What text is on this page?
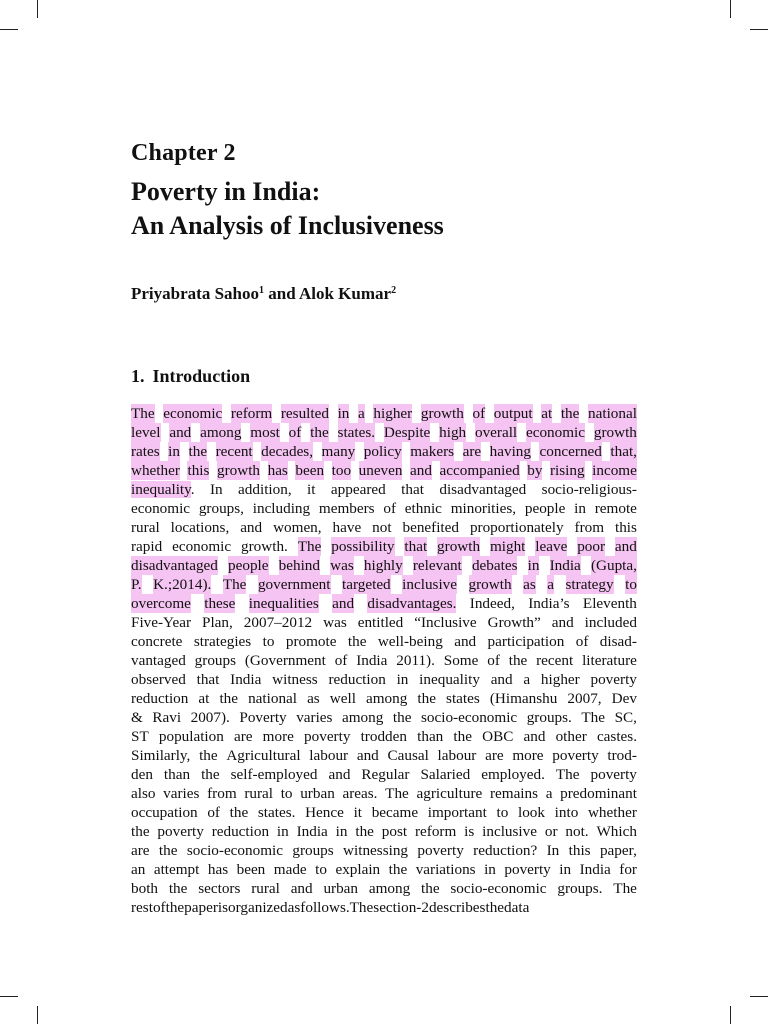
Chapter 2
Poverty in India:
An Analysis of Inclusiveness
Priyabrata Sahoo$^1$ and Alok Kumar$^2$
1. Introduction
The economic reform resulted in a higher growth of output at the national
level and among most of the states. Despite high overall economic growth
rates in the recent decades, many policy makers are having concerned that,
whether this growth has been too uneven and accompanied by rising income
inequality. In addition, it appeared that disadvantaged socio-religious-
economic groups, including members of ethnic minorities, people in remote
rural locations, and women, have not benefited proportionately from this
rapid economic growth. The possibility that growth might leave poor and
disadvantaged people behind was highly relevant debates in India (Gupta,
P. K.;2014). The government targeted inclusive growth as a strategy to
overcome these inequalities and disadvantages. Indeed, India’s Eleventh
Five-Year Plan, 2007–2012 was entitled “Inclusive Growth” and included
concrete strategies to promote the well-being and participation of disad-
vantaged groups (Government of India 2011). Some of the recent literature
observed that India witness reduction in inequality and a higher poverty
reduction at the national as well among the states (Himanshu 2007, Dev
& Ravi 2007). Poverty varies among the socio-economic groups. The SC,
ST population are more poverty trodden than the OBC and other castes.
Similarly, the Agricultural labour and Causal labour are more poverty trod-
den than the self-employed and Regular Salaried employed. The poverty
also varies from rural to urban areas. The agriculture remains a predominant
occupation of the states. Hence it became important to look into whether
the poverty reduction in India in the post reform is inclusive or not. Which
are the socio-economic groups witnessing poverty reduction? In this paper,
an attempt has been made to explain the variations in poverty in India for
both the sectors rural and urban among the socio-economic groups. The
rest of the paper is organized as follows. The section-2 describes the data
